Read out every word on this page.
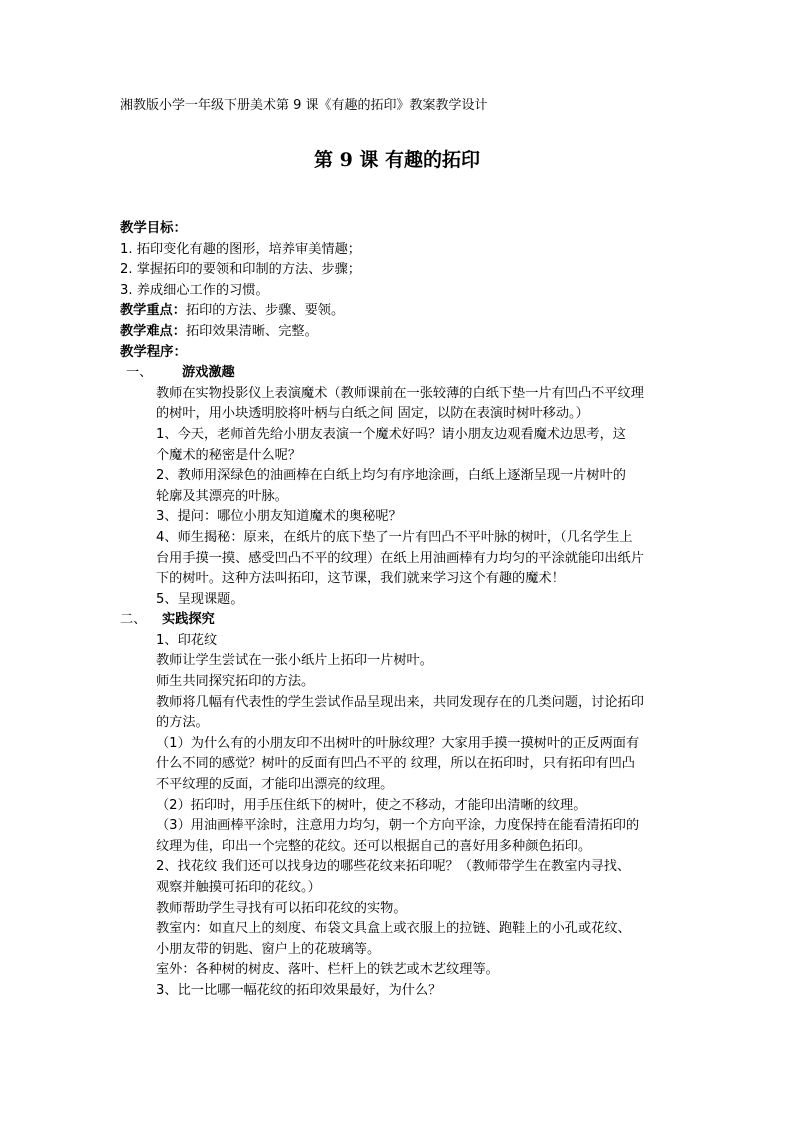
湘教版小学一年级下册美术第 9 课《有趣的拓印》教案教学设计
第 9 课 有趣的拓印
教学目标：
1. 拓印变化有趣的图形，培养审美情趣；
2. 掌握拓印的要领和印制的方法、步骤；
3. 养成细心工作的习惯。
教学重点：拓印的方法、步骤、要领。
教学难点：拓印效果清晰、完整。
教学程序：
一、 游戏激趣
教师在实物投影仪上表演魔术（教师课前在一张较薄的白纸下垫一片有凹凸不平纹理
的树叶，用小块透明胶将叶柄与白纸之间 固定，以防在表演时树叶移动。）
1、今天，老师首先给小朋友表演一个魔术好吗？请小朋友边观看魔术边思考，这
个魔术的秘密是什么呢？
2、教师用深绿色的油画棒在白纸上均匀有序地涂画，白纸上逐渐呈现一片树叶的
轮廓及其漂亮的叶脉。
3、提问：哪位小朋友知道魔术的奥秘呢？
4、师生揭秘：原来，在纸片的底下垫了一片有凹凸不平叶脉的树叶，（几名学生上
台用手摸一摸、感受凹凸不平的纹理）在纸上用油画棒有力均匀的平涂就能印出纸片
下的树叶。这种方法叫拓印，这节课，我们就来学习这个有趣的魔术！
5、呈现课题。
二、 实践探究
1、印花纹
教师让学生尝试在一张小纸片上拓印一片树叶。
师生共同探究拓印的方法。
教师将几幅有代表性的学生尝试作品呈现出来，共同发现存在的几类问题，讨论拓印
的方法。
（1）为什么有的小朋友印不出树叶的叶脉纹理？大家用手摸一摸树叶的正反两面有
什么不同的感觉？树叶的反面有凹凸不平的 纹理，所以在拓印时，只有拓印有凹凸
不平纹理的反面，才能印出漂亮的纹理。
（2）拓印时，用手压住纸下的树叶，使之不移动，才能印出清晰的纹理。
（3）用油画棒平涂时，注意用力均匀，朝一个方向平涂，力度保持在能看清拓印的
纹理为佳，印出一个完整的花纹。还可以根据自己的喜好用多种颜色拓印。
2、找花纹 我们还可以找身边的哪些花纹来拓印呢？（教师带学生在教室内寻找、
观察并触摸可拓印的花纹。）
教师帮助学生寻找有可以拓印花纹的实物。
教室内：如直尺上的刻度、布袋文具盒上或衣服上的拉链、跑鞋上的小孔或花纹、
小朋友带的钥匙、窗户上的花玻璃等。
室外：各种树的树皮、落叶、栏杆上的铁艺或木艺纹理等。
3、比一比哪一幅花纹的拓印效果最好，为什么？
